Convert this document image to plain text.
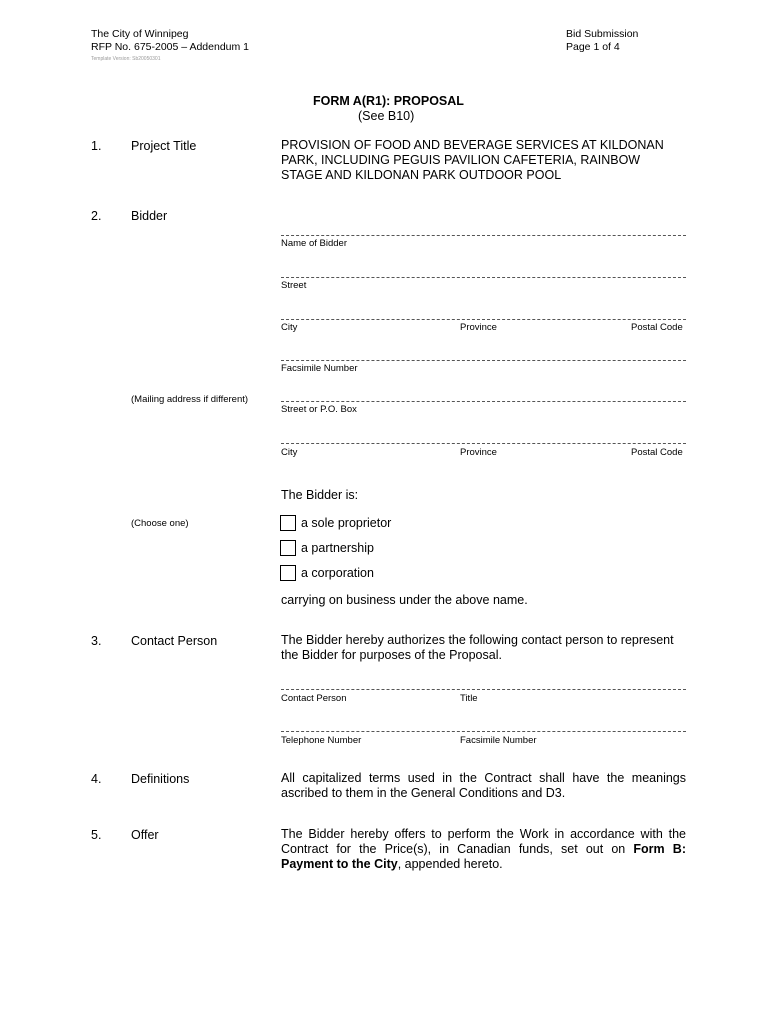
The City of Winnipeg
RFP No. 675-2005 – Addendum 1
Template Version: Sb20050301
Bid Submission
Page 1 of 4
FORM A(R1): PROPOSAL
(See B10)
1. Project Title	PROVISION OF FOOD AND BEVERAGE SERVICES AT KILDONAN
PARK, INCLUDING PEGUIS PAVILION CAFETERIA, RAINBOW
STAGE AND KILDONAN PARK OUTDOOR POOL
2. Bidder
Name of Bidder
Street
City	Province	Postal Code
Facsimile Number
(Mailing address if different)
Street or P.O. Box
City	Province	Postal Code
The Bidder is:
(Choose one)	a sole proprietor
a partnership
a corporation
carrying on business under the above name.
3. Contact Person	The Bidder hereby authorizes the following contact person to represent
the Bidder for purposes of the Proposal.
Contact Person	Title
Telephone Number	Facsimile Number
4. Definitions	All capitalized terms used in the Contract shall have the meanings
ascribed to them in the General Conditions and D3.
5. Offer	The Bidder hereby offers to perform the Work in accordance with the
Contract for the Price(s), in Canadian funds, set out on Form B:
Payment to the City, appended hereto.
